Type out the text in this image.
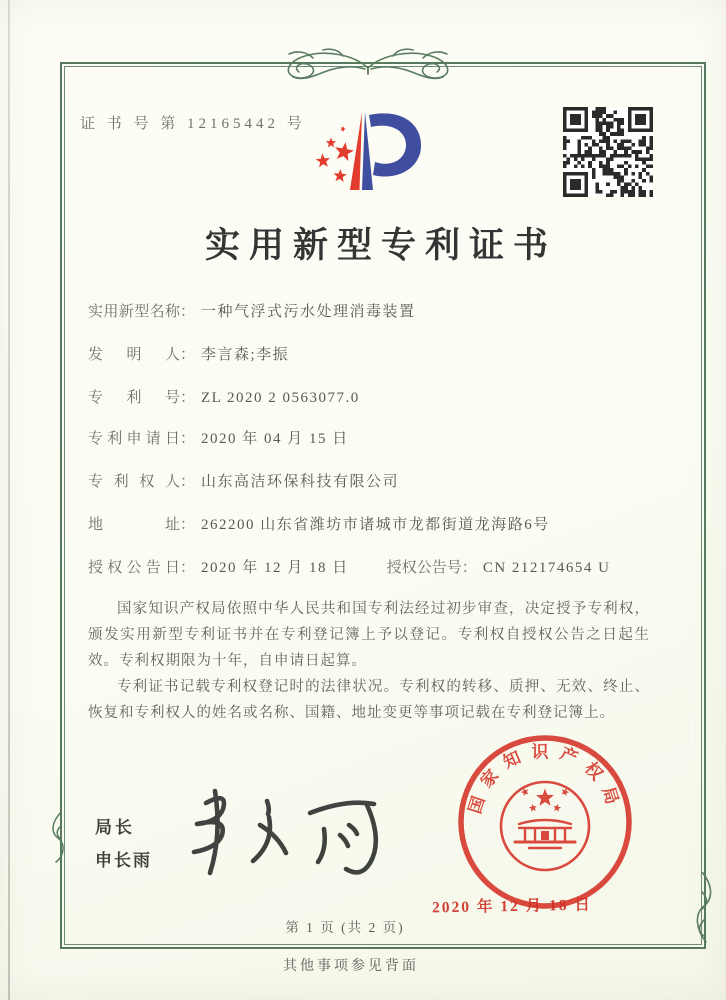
证 书 号 第 12165442 号
实用新型专利证书
实用新型名称： 一种气浮式污水处理消毒装置
发明人： 李言森;李振
专利号： ZL 2020 2 0563077.0
专利申请日： 2020 年 04 月 15 日
专利权人： 山东高洁环保科技有限公司
地址： 262200 山东省潍坊市诸城市龙都街道龙海路6号
授权公告日： 2020 年 12 月 18 日	授权公告号： CN 212174654 U

国家知识产权局依照中华人民共和国专利法经过初步审查，决定授予专利权，颁发实用新型专利证书并在专利登记簿上予以登记。专利权自授权公告之日起生效。专利权期限为十年，自申请日起算。

专利证书记载专利权登记时的法律状况。专利权的转移、质押、无效、终止、恢复和专利权人的姓名或名称、国籍、地址变更等事项记载在专利登记簿上。

局长
申长雨
国家知识产权局
2020 年 12 月 18 日
第 1 页 (共 2 页)
其他事项参见背面
